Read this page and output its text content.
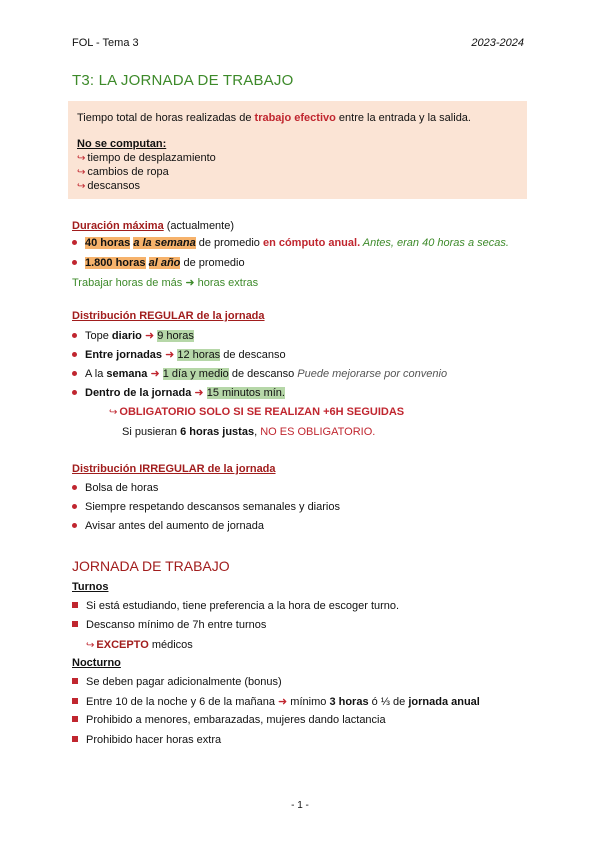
FOL - Tema 3	2023-2024
T3: LA JORNADA DE TRABAJO
Tiempo total de horas realizadas de trabajo efectivo entre la entrada y la salida.
No se computan:
↪ tiempo de desplazamiento
↪ cambios de ropa
↪ descansos
Duración máxima (actualmente)
40 horas a la semana de promedio en cómputo anual. Antes, eran 40 horas a secas.
1.800 horas al año de promedio
Trabajar horas de más ➜ horas extras
Distribución REGULAR de la jornada
Tope diario ➜ 9 horas
Entre jornadas ➜ 12 horas de descanso
A la semana ➜ 1 día y medio de descanso Puede mejorarse por convenio
Dentro de la jornada ➜ 15 minutos mín.
↪ OBLIGATORIO SOLO SI SE REALIZAN +6H SEGUIDAS
Si pusieran 6 horas justas, NO ES OBLIGATORIO.
Distribución IRREGULAR de la jornada
Bolsa de horas
Siempre respetando descansos semanales y diarios
Avisar antes del aumento de jornada
JORNADA DE TRABAJO
Turnos
Si está estudiando, tiene preferencia a la hora de escoger turno.
Descanso mínimo de 7h entre turnos
↪ EXCEPTO médicos
Nocturno
Se deben pagar adicionalmente (bonus)
Entre 10 de la noche y 6 de la mañana ➜ mínimo 3 horas ó ⅓ de jornada anual
Prohibido a menores, embarazadas, mujeres dando lactancia
Prohibido hacer horas extra
- 1 -
